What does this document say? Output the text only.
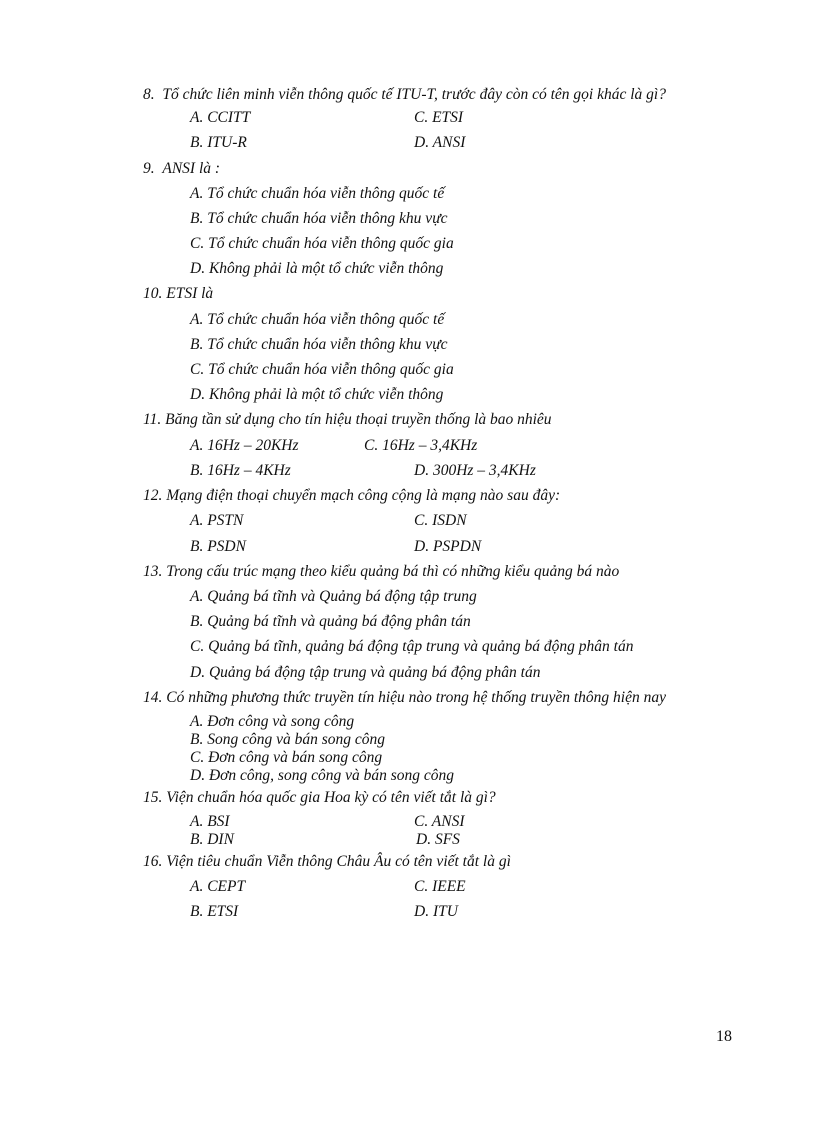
8. Tổ chức liên minh viễn thông quốc tế ITU-T, trước đây còn có tên gọi khác là gì?
A. CCITT	C. ETSI
B. ITU-R	D. ANSI
9. ANSI là :
A. Tổ chức chuẩn hóa viễn thông quốc tế
B. Tổ chức chuẩn hóa viễn thông khu vực
C. Tổ chức chuẩn hóa viễn thông quốc gia
D. Không phải là một tổ chức viễn thông
10. ETSI là
A. Tổ chức chuẩn hóa viễn thông quốc tế
B. Tổ chức chuẩn hóa viễn thông khu vực
C. Tổ chức chuẩn hóa viễn thông quốc gia
D. Không phải là một tổ chức viễn thông
11. Băng tần sử dụng cho tín hiệu thoại truyền thống là bao nhiêu
A. 16Hz – 20KHz	C. 16Hz – 3,4KHz
B. 16Hz – 4KHz	D. 300Hz – 3,4KHz
12. Mạng điện thoại chuyển mạch công cộng là mạng nào sau đây:
A. PSTN	C. ISDN
B. PSDN	D. PSPDN
13. Trong cấu trúc mạng theo kiểu quảng bá thì có những kiểu quảng bá nào
A. Quảng bá tĩnh và Quảng bá động tập trung
B. Quảng bá tĩnh và quảng bá động phân tán
C. Quảng bá tĩnh, quảng bá động tập trung và quảng bá động phân tán
D. Quảng bá động tập trung và quảng bá động phân tán
14. Có những phương thức truyền tín hiệu nào trong hệ thống truyền thông hiện nay
A. Đơn công và song công
B. Song công và bán song công
C. Đơn công và bán song công
D. Đơn công, song công và bán song công
15. Viện chuẩn hóa quốc gia Hoa kỳ có tên viết tắt là gì?
A. BSI	C. ANSI
B. DIN	D. SFS
16. Viện tiêu chuẩn Viễn thông Châu Âu có tên viết tắt là gì
A. CEPT	C. IEEE
B. ETSI	D. ITU
18
